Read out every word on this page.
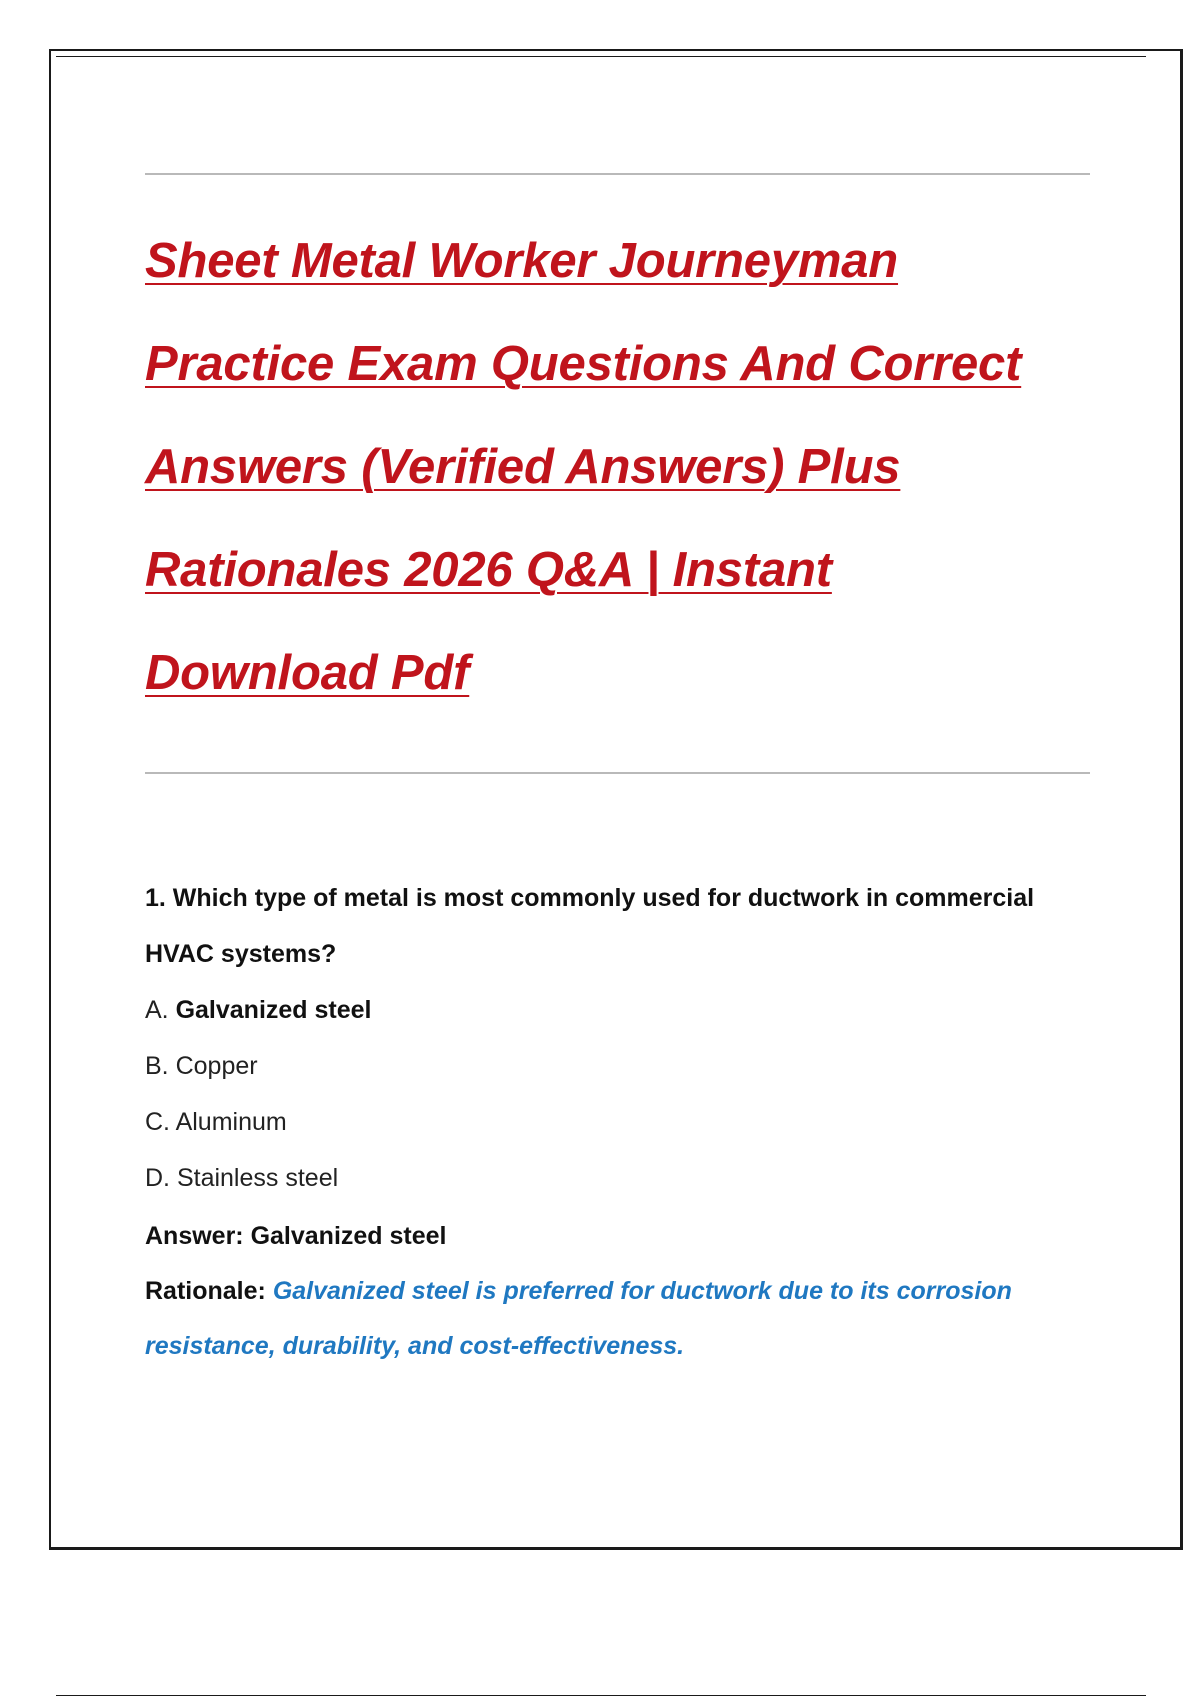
Sheet Metal Worker Journeyman
Practice Exam Questions And Correct
Answers (Verified Answers) Plus
Rationales 2026 Q&A | Instant
Download Pdf
1. Which type of metal is most commonly used for ductwork in commercial
HVAC systems?
A. Galvanized steel
B. Copper
C. Aluminum
D. Stainless steel
Answer: Galvanized steel
Rationale: Galvanized steel is preferred for ductwork due to its corrosion
resistance, durability, and cost-effectiveness.
